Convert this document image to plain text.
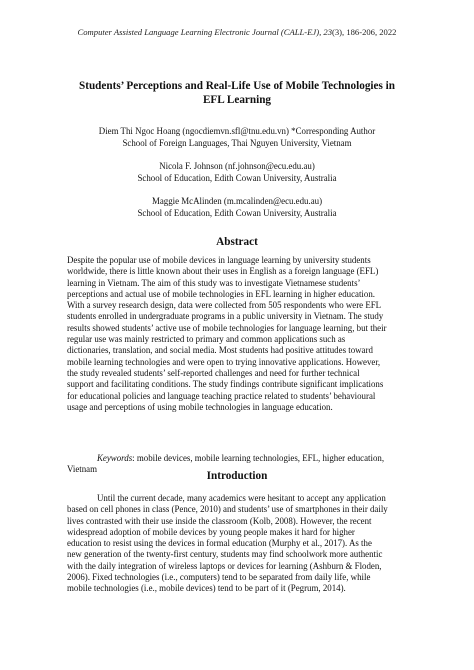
Computer Assisted Language Learning Electronic Journal (CALL-EJ), 23(3), 186-206, 2022
Students’ Perceptions and Real-Life Use of Mobile Technologies in
EFL Learning
Diem Thi Ngoc Hoang (ngocdiemvn.sfl@tnu.edu.vn) *Corresponding Author
School of Foreign Languages, Thai Nguyen University, Vietnam
Nicola F. Johnson (nf.johnson@ecu.edu.au)
School of Education, Edith Cowan University, Australia
Maggie McAlinden (m.mcalinden@ecu.edu.au)
School of Education, Edith Cowan University, Australia
Abstract
Despite the popular use of mobile devices in language learning by university students
worldwide, there is little known about their uses in English as a foreign language (EFL)
learning in Vietnam. The aim of this study was to investigate Vietnamese students’
perceptions and actual use of mobile technologies in EFL learning in higher education.
With a survey research design, data were collected from 505 respondents who were EFL
students enrolled in undergraduate programs in a public university in Vietnam. The study
results showed students’ active use of mobile technologies for language learning, but their
regular use was mainly restricted to primary and common applications such as
dictionaries, translation, and social media. Most students had positive attitudes toward
mobile learning technologies and were open to trying innovative applications. However,
the study revealed students’ self-reported challenges and need for further technical
support and facilitating conditions. The study findings contribute significant implications
for educational policies and language teaching practice related to students’ behavioural
usage and perceptions of using mobile technologies in language education.
Keywords: mobile devices, mobile learning technologies, EFL, higher education,
Vietnam
Introduction
Until the current decade, many academics were hesitant to accept any application
based on cell phones in class (Pence, 2010) and students’ use of smartphones in their daily
lives contrasted with their use inside the classroom (Kolb, 2008). However, the recent
widespread adoption of mobile devices by young people makes it hard for higher
education to resist using the devices in formal education (Murphy et al., 2017). As the
new generation of the twenty-first century, students may find schoolwork more authentic
with the daily integration of wireless laptops or devices for learning (Ashburn & Floden,
2006). Fixed technologies (i.e., computers) tend to be separated from daily life, while
mobile technologies (i.e., mobile devices) tend to be part of it (Pegrum, 2014).
